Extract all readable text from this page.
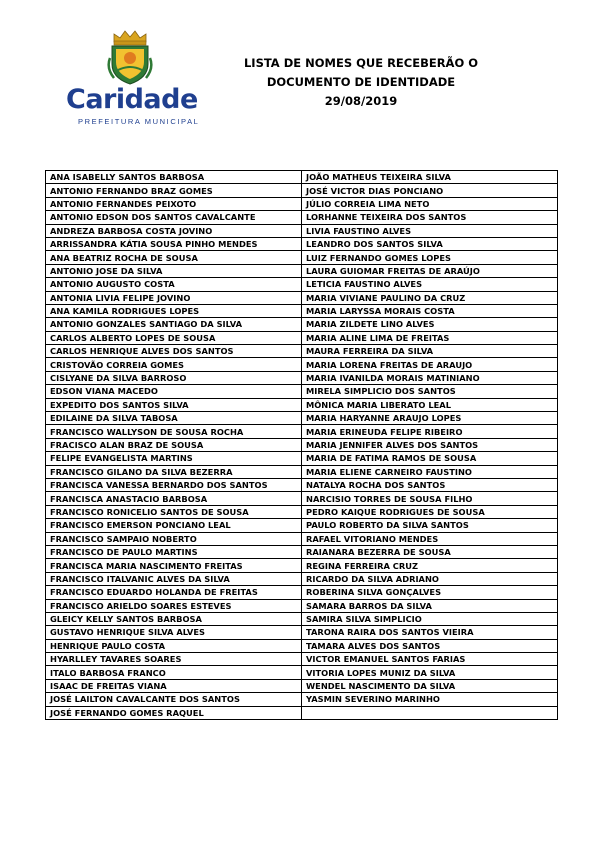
Caridade
PREFEITURA MUNICIPAL
LISTA DE NOMES QUE RECEBERÃO O
DOCUMENTO DE IDENTIDADE
29/08/2019
ANA ISABELLY SANTOS BARBOSA	JOÃO MATHEUS TEIXEIRA SILVA
ANTONIO FERNANDO BRAZ GOMES	JOSÉ VICTOR DIAS PONCIANO
ANTONIO FERNANDES PEIXOTO	JÚLIO CORREIA LIMA NETO
ANTONIO EDSON DOS SANTOS CAVALCANTE	LORHANNE TEIXEIRA DOS SANTOS
ANDREZA BARBOSA COSTA JOVINO	LIVIA FAUSTINO ALVES
ARRISSANDRA KÁTIA SOUSA PINHO MENDES	LEANDRO DOS SANTOS SILVA
ANA BEATRIZ ROCHA DE SOUSA	LUIZ FERNANDO GOMES LOPES
ANTONIO JOSE DA SILVA	LAURA GUIOMAR FREITAS DE ARAÚJO
ANTONIO AUGUSTO COSTA	LETICIA FAUSTINO ALVES
ANTONIA LIVIA FELIPE JOVINO	MARIA VIVIANE PAULINO DA CRUZ
ANA KAMILA RODRIGUES LOPES	MARIA LARYSSA MORAIS COSTA
ANTONIO GONZALES SANTIAGO DA SILVA	MARIA ZILDETE LINO ALVES
CARLOS ALBERTO LOPES DE SOUSA	MARIA ALINE LIMA DE FREITAS
CARLOS HENRIQUE ALVES DOS SANTOS	MAURA FERREIRA DA SILVA
CRISTOVÃO CORREIA GOMES	MARIA LORENA FREITAS DE ARAUJO
CISLYANE DA SILVA BARROSO	MARIA IVANILDA MORAIS MATINIANO
EDSON VIANA MACEDO	MIRELA SIMPLICIO DOS SANTOS
EXPEDITO DOS SANTOS SILVA	MÔNICA MARIA LIBERATO LEAL
EDILAINE DA SILVA TABOSA	MARIA HARYANNE ARAUJO LOPES
FRANCISCO WALLYSON DE SOUSA ROCHA	MARIA ERINEUDA FELIPE RIBEIRO
FRACISCO ALAN BRAZ DE SOUSA	MARIA JENNIFER ALVES DOS SANTOS
FELIPE EVANGELISTA MARTINS	MARIA DE FATIMA RAMOS DE SOUSA
FRANCISCO GILANO DA SILVA BEZERRA	MARIA ELIENE CARNEIRO FAUSTINO
FRANCISCA VANESSA BERNARDO DOS SANTOS	NATALYA ROCHA DOS SANTOS
FRANCISCA ANASTACIO BARBOSA	NARCISIO TORRES DE SOUSA FILHO
FRANCISCO RONICELIO SANTOS DE SOUSA	PEDRO KAIQUE RODRIGUES DE SOUSA
FRANCISCO EMERSON PONCIANO LEAL	PAULO ROBERTO DA SILVA SANTOS
FRANCISCO SAMPAIO NOBERTO	RAFAEL VITORIANO MENDES
FRANCISCO DE PAULO MARTINS	RAIANARA BEZERRA DE SOUSA
FRANCISCA MARIA NASCIMENTO FREITAS	REGINA FERREIRA CRUZ
FRANCISCO ITALVANIC ALVES DA SILVA	RICARDO DA SILVA ADRIANO
FRANCISCO EDUARDO HOLANDA DE FREITAS	ROBERINA SILVA GONÇALVES
FRANCISCO ARIELDO SOARES ESTEVES	SAMARA BARROS DA SILVA
GLEICY KELLY SANTOS BARBOSA	SAMIRA SILVA SIMPLICIO
GUSTAVO HENRIQUE SILVA ALVES	TARONA RAIRA DOS SANTOS VIEIRA
HENRIQUE PAULO COSTA	TAMARA ALVES DOS SANTOS
HYARLLEY TAVARES SOARES	VICTOR EMANUEL SANTOS FARIAS
ITALO BARBOSA FRANCO	VITORIA LOPES MUNIZ DA SILVA
ISAAC DE FREITAS VIANA	WENDEL NASCIMENTO DA SILVA
JOSÉ LAILTON CAVALCANTE DOS SANTOS	YASMIN SEVERINO MARINHO
JOSÉ FERNANDO GOMES RAQUEL	
